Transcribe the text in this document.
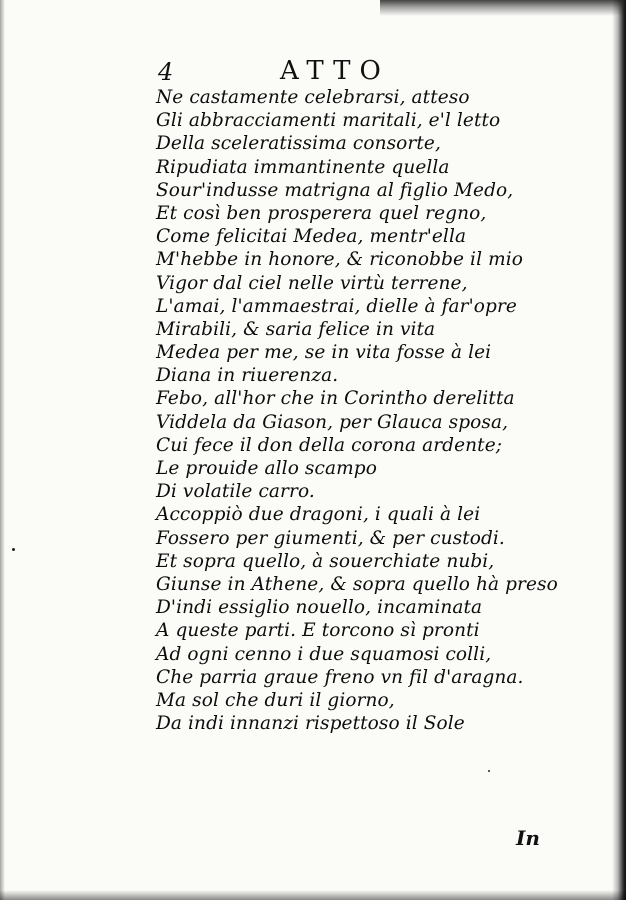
4	ATTO
Ne castamente celebrarsi, atteso
Gli abbracciamenti maritali, e'l letto
Della sceleratissima consorte,
Ripudiata immantinente quella
Sour'indusse matrigna al figlio Medo,
Et così ben prosperera quel regno,
Come felicitai Medea, mentr'ella
M'hebbe in honore, & riconobbe il mio
Vigor dal ciel nelle virtù terrene,
L'amai, l'ammaestrai, dielle à far'opre
Mirabili, & saria felice in vita
Medea per me, se in vita fosse à lei
Diana in riuerenza.
Febo, all'hor che in Corintho derelitta
Viddela da Giason, per Glauca sposa,
Cui fece il don della corona ardente;
Le prouide allo scampo
Di volatile carro.
Accoppiò due dragoni, i quali à lei
Fossero per giumenti, & per custodi.
Et sopra quello, à souerchiate nubi,
Giunse in Athene, & sopra quello hà preso
D'indi essiglio nouello, incaminata
A queste parti. E torcono sì pronti
Ad ogni cenno i due squamosi colli,
Che parria graue freno vn fil d'aragna.
Ma sol che duri il giorno,
Da indi innanzi rispettoso il Sole
In
